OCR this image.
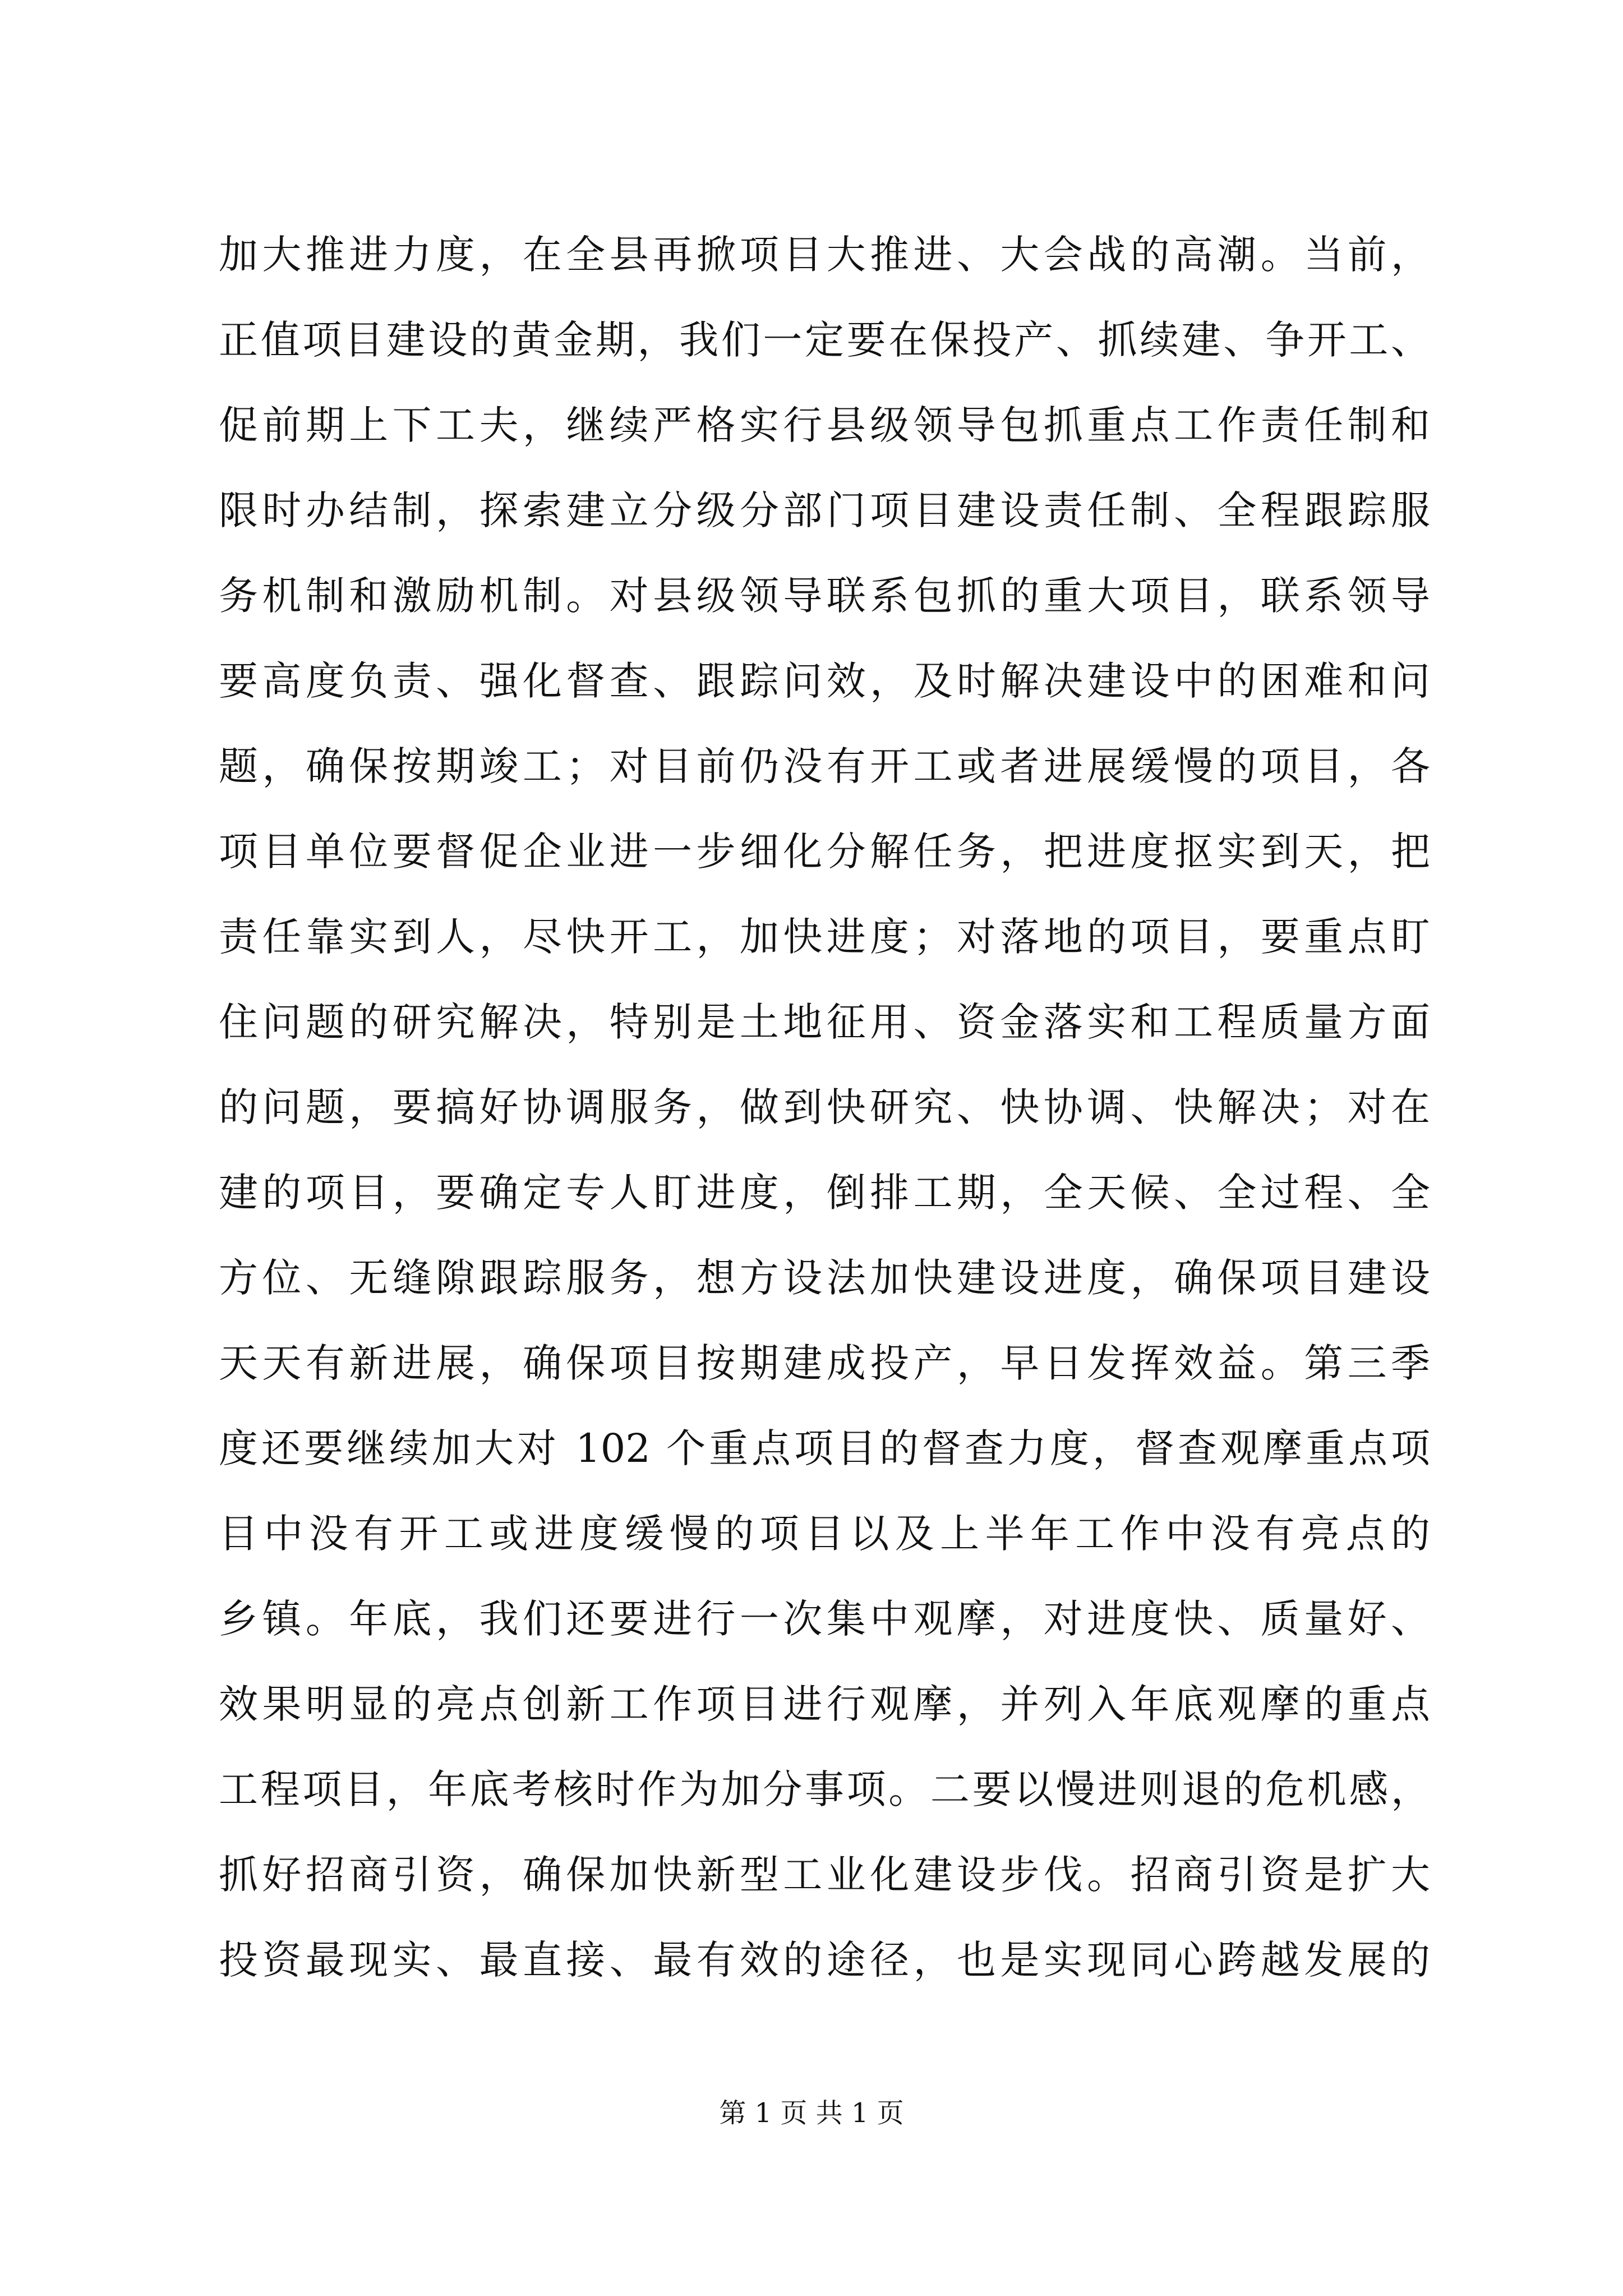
加大推进力度，在全县再掀项目大推进、大会战的高潮。当前，
正值项目建设的黄金期，我们一定要在保投产、抓续建、争开工、
促前期上下工夫，继续严格实行县级领导包抓重点工作责任制和
限时办结制，探索建立分级分部门项目建设责任制、全程跟踪服
务机制和激励机制。对县级领导联系包抓的重大项目，联系领导
要高度负责、强化督查、跟踪问效，及时解决建设中的困难和问
题，确保按期竣工；对目前仍没有开工或者进展缓慢的项目，各
项目单位要督促企业进一步细化分解任务，把进度抠实到天，把
责任靠实到人，尽快开工，加快进度；对落地的项目，要重点盯
住问题的研究解决，特别是土地征用、资金落实和工程质量方面
的问题，要搞好协调服务，做到快研究、快协调、快解决；对在
建的项目，要确定专人盯进度，倒排工期，全天候、全过程、全
方位、无缝隙跟踪服务，想方设法加快建设进度，确保项目建设
天天有新进展，确保项目按期建成投产，早日发挥效益。第三季
度还要继续加大对 102 个重点项目的督查力度，督查观摩重点项
目中没有开工或进度缓慢的项目以及上半年工作中没有亮点的
乡镇。年底，我们还要进行一次集中观摩，对进度快、质量好、
效果明显的亮点创新工作项目进行观摩，并列入年底观摩的重点
工程项目，年底考核时作为加分事项。二要以慢进则退的危机感，
抓好招商引资，确保加快新型工业化建设步伐。招商引资是扩大
投资最现实、最直接、最有效的途径，也是实现同心跨越发展的
第 1 页 共 1 页
